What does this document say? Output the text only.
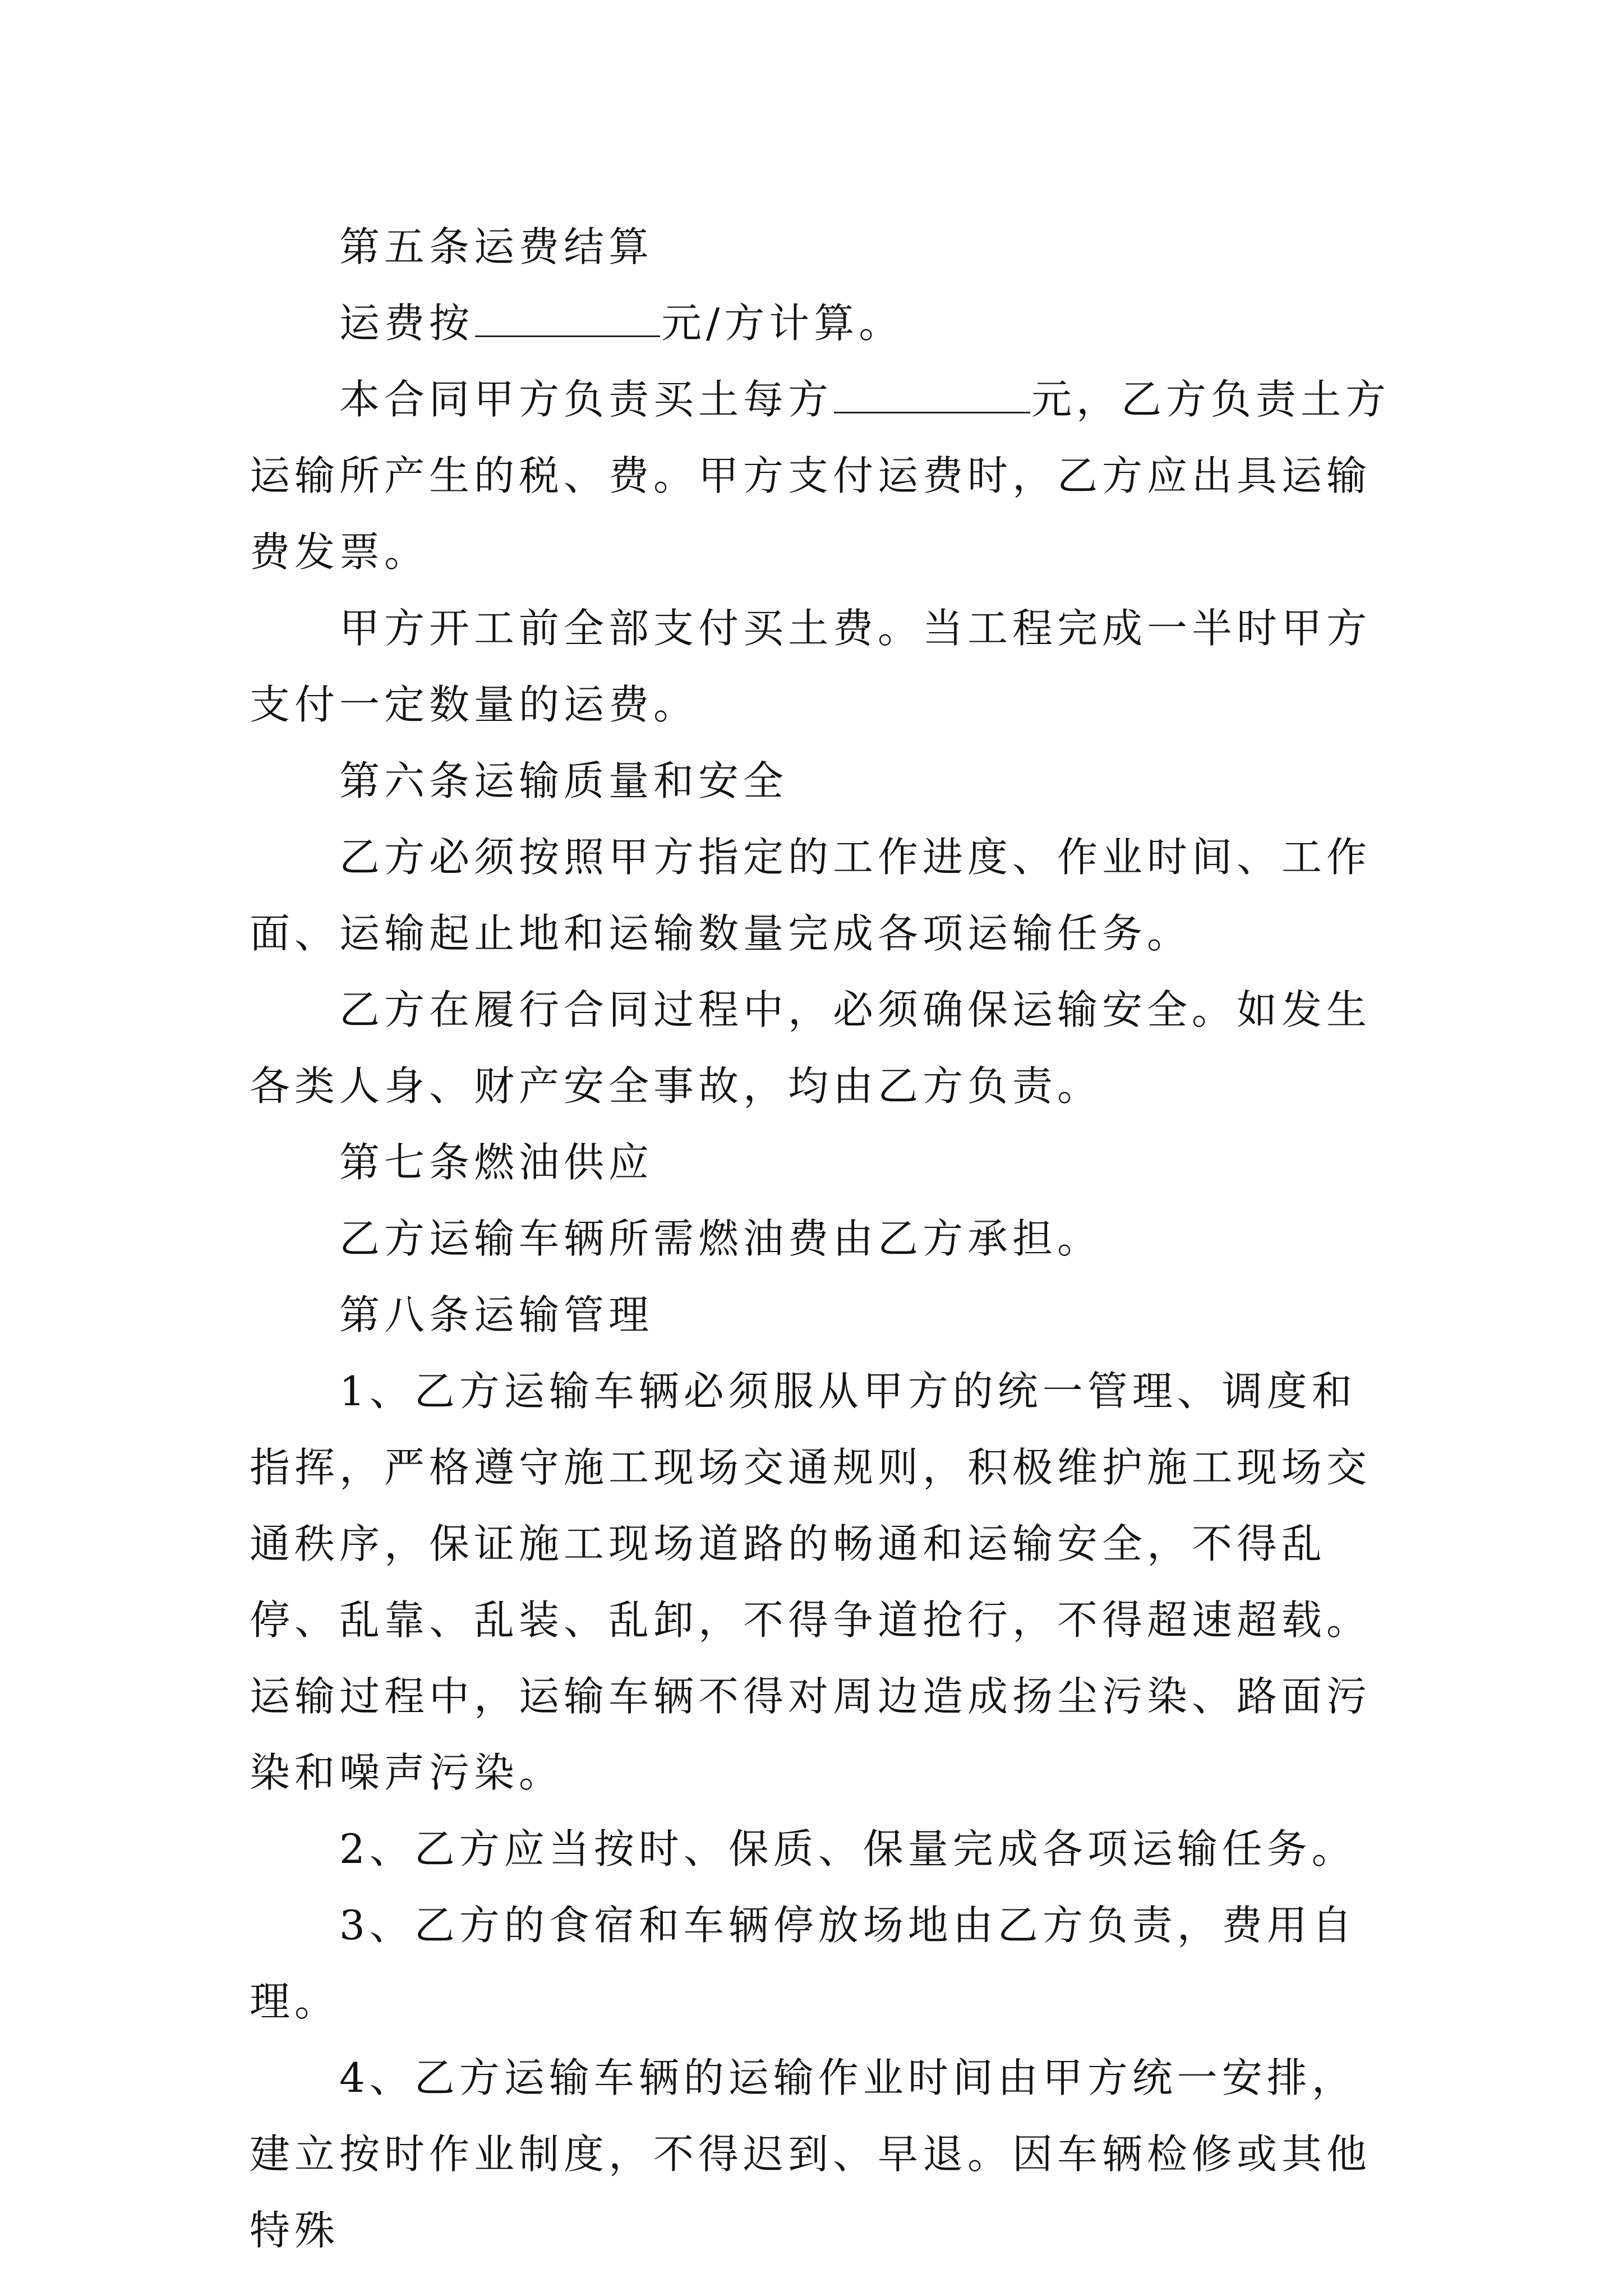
第五条运费结算

运费按	元/方计算。

本合同甲方负责买土每方	元，乙方负责土方运输所产生的税、费。甲方支付运费时，乙方应出具运输费发票。

甲方开工前全部支付买土费。当工程完成一半时甲方支付一定数量的运费。

第六条运输质量和安全

乙方必须按照甲方指定的工作进度、作业时间、工作面、运输起止地和运输数量完成各项运输任务。

乙方在履行合同过程中，必须确保运输安全。如发生各类人身、财产安全事故，均由乙方负责。

第七条燃油供应

乙方运输车辆所需燃油费由乙方承担。

第八条运输管理

1、乙方运输车辆必须服从甲方的统一管理、调度和指挥，严格遵守施工现场交通规则，积极维护施工现场交通秩序，保证施工现场道路的畅通和运输安全，不得乱停、乱靠、乱装、乱卸，不得争道抢行，不得超速超载。运输过程中，运输车辆不得对周边造成扬尘污染、路面污染和噪声污染。

2、乙方应当按时、保质、保量完成各项运输任务。

3、乙方的食宿和车辆停放场地由乙方负责，费用自理。

4、乙方运输车辆的运输作业时间由甲方统一安排，建立按时作业制度，不得迟到、早退。因车辆检修或其他特殊
